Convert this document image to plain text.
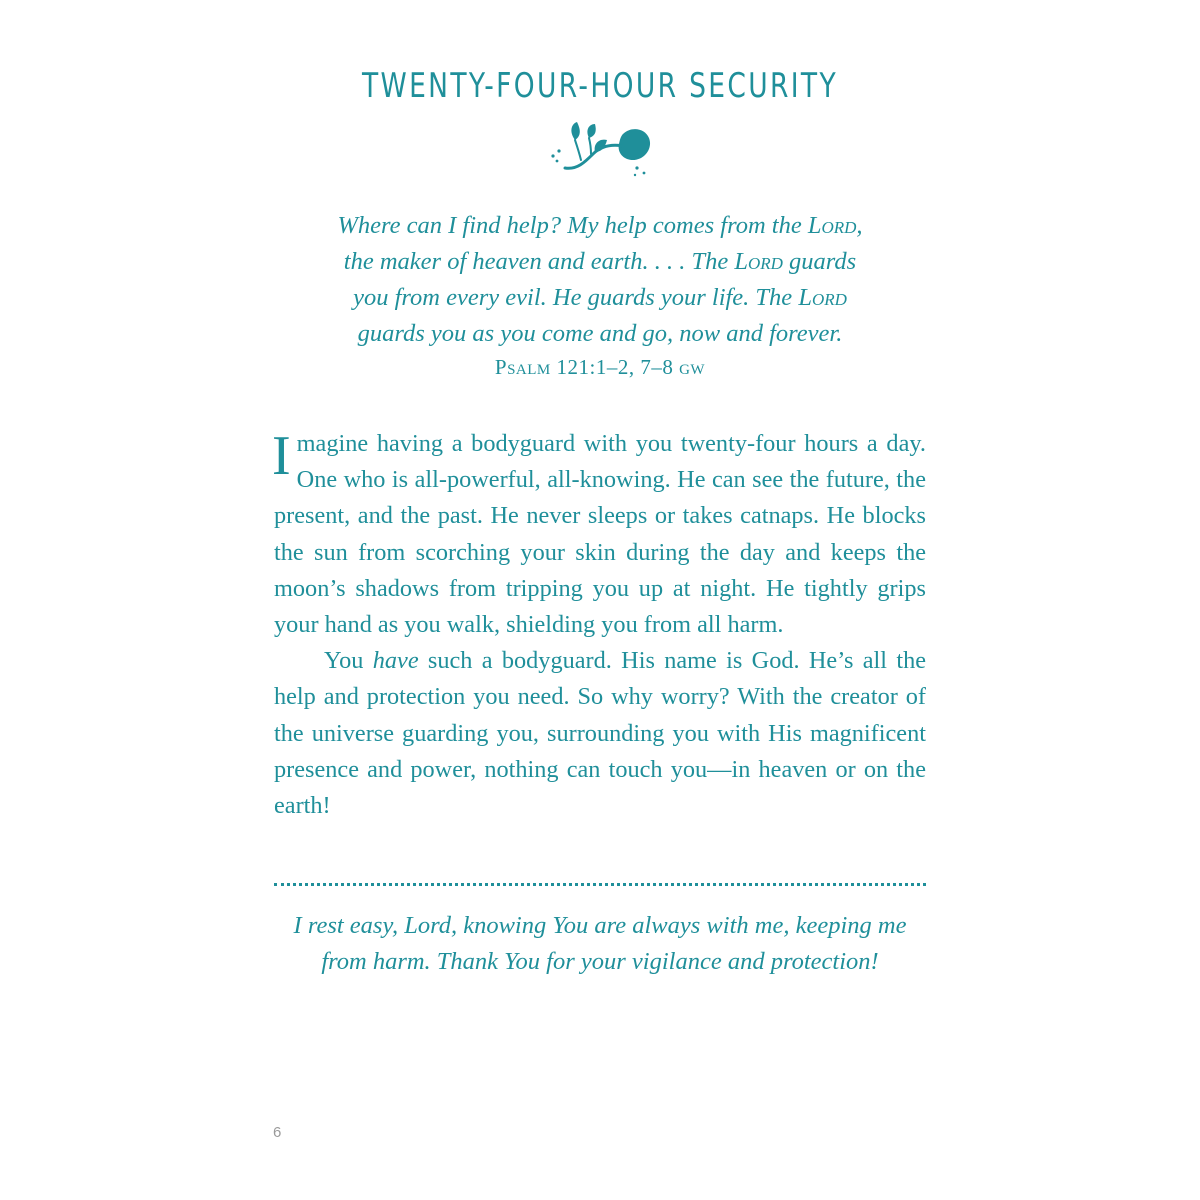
TWENTY-FOUR-HOUR SECURITY
Where can I find help? My help comes from the Lord,
the maker of heaven and earth. . . . The Lord guards
you from every evil. He guards your life. The Lord
guards you as you come and go, now and forever.
Psalm 121:1–2, 7–8 gw

Imagine having a bodyguard with you twenty-four hours a day. One who is all-powerful, all-knowing. He can see the future, the present, and the past. He never sleeps or takes catnaps. He blocks the sun from scorching your skin during the day and keeps the moon’s shadows from tripping you up at night. He tightly grips your hand as you walk, shielding you from all harm.

You have such a bodyguard. His name is God. He’s all the help and protection you need. So why worry? With the creator of the universe guarding you, surrounding you with His magnificent presence and power, nothing can touch you—in heaven or on the earth!

I rest easy, Lord, knowing You are always with me, keeping me
from harm. Thank You for your vigilance and protection!
6
